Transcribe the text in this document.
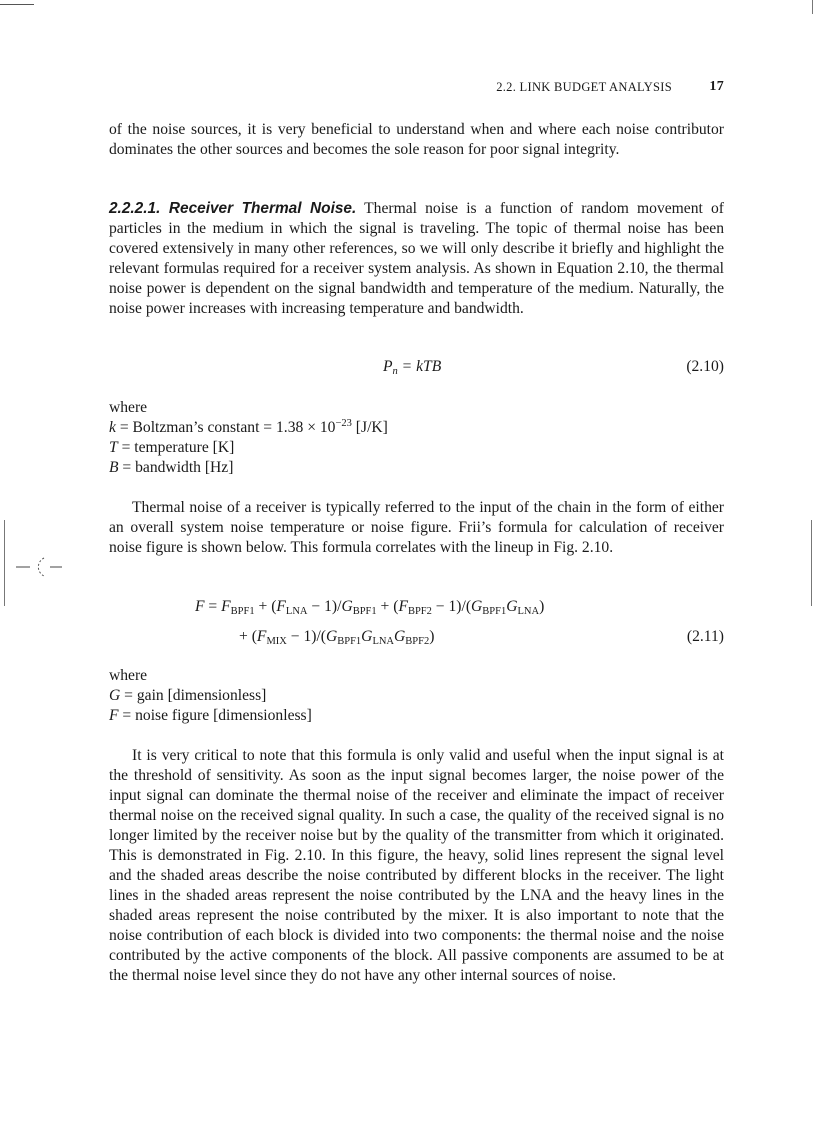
2.2. LINK BUDGET ANALYSIS	17

of the noise sources, it is very beneficial to understand when and where each noise contributor dominates the other sources and becomes the sole reason for poor signal integrity.

2.2.2.1. Receiver Thermal Noise. Thermal noise is a function of random movement of particles in the medium in which the signal is traveling. The topic of thermal noise has been covered extensively in many other references, so we will only describe it briefly and highlight the relevant formulas required for a receiver system analysis. As shown in Equation 2.10, the thermal noise power is dependent on the signal bandwidth and temperature of the medium. Naturally, the noise power increases with increasing temperature and bandwidth.

$P_n$ = kTB	(2.10)
where
k = Boltzman’s constant = $1.38 \times 10^{-23}$ [J/K]
T = temperature [K]
B = bandwidth [Hz]

Thermal noise of a receiver is typically referred to the input of the chain in the form of either an overall system noise temperature or noise figure. Frii’s formula for calculation of receiver noise figure is shown below. This formula correlates with the lineup in Fig. 2.10.

$F = F_{BPF1} + (F_{LNA} - 1)/G_{BPF1} + (F_{BPF2} - 1)/(G_{BPF1}G_{LNA})$
+ $(F_{MIX} - 1)/(G_{BPF1}G_{LNA}G_{BPF2})$	(2.11)
where
G = gain [dimensionless]
F = noise figure [dimensionless]

It is very critical to note that this formula is only valid and useful when the input signal is at the threshold of sensitivity. As soon as the input signal becomes larger, the noise power of the input signal can dominate the thermal noise of the receiver and eliminate the impact of receiver thermal noise on the received signal quality. In such a case, the quality of the received signal is no longer limited by the receiver noise but by the quality of the transmitter from which it originated. This is demonstrated in Fig. 2.10. In this figure, the heavy, solid lines represent the signal level and the shaded areas describe the noise contributed by different blocks in the receiver. The light lines in the shaded areas represent the noise contributed by the LNA and the heavy lines in the shaded areas represent the noise contributed by the mixer. It is also important to note that the noise contribution of each block is divided into two components: the thermal noise and the noise contributed by the active components of the block. All passive components are assumed to be at the thermal noise level since they do not have any other internal sources of noise.
